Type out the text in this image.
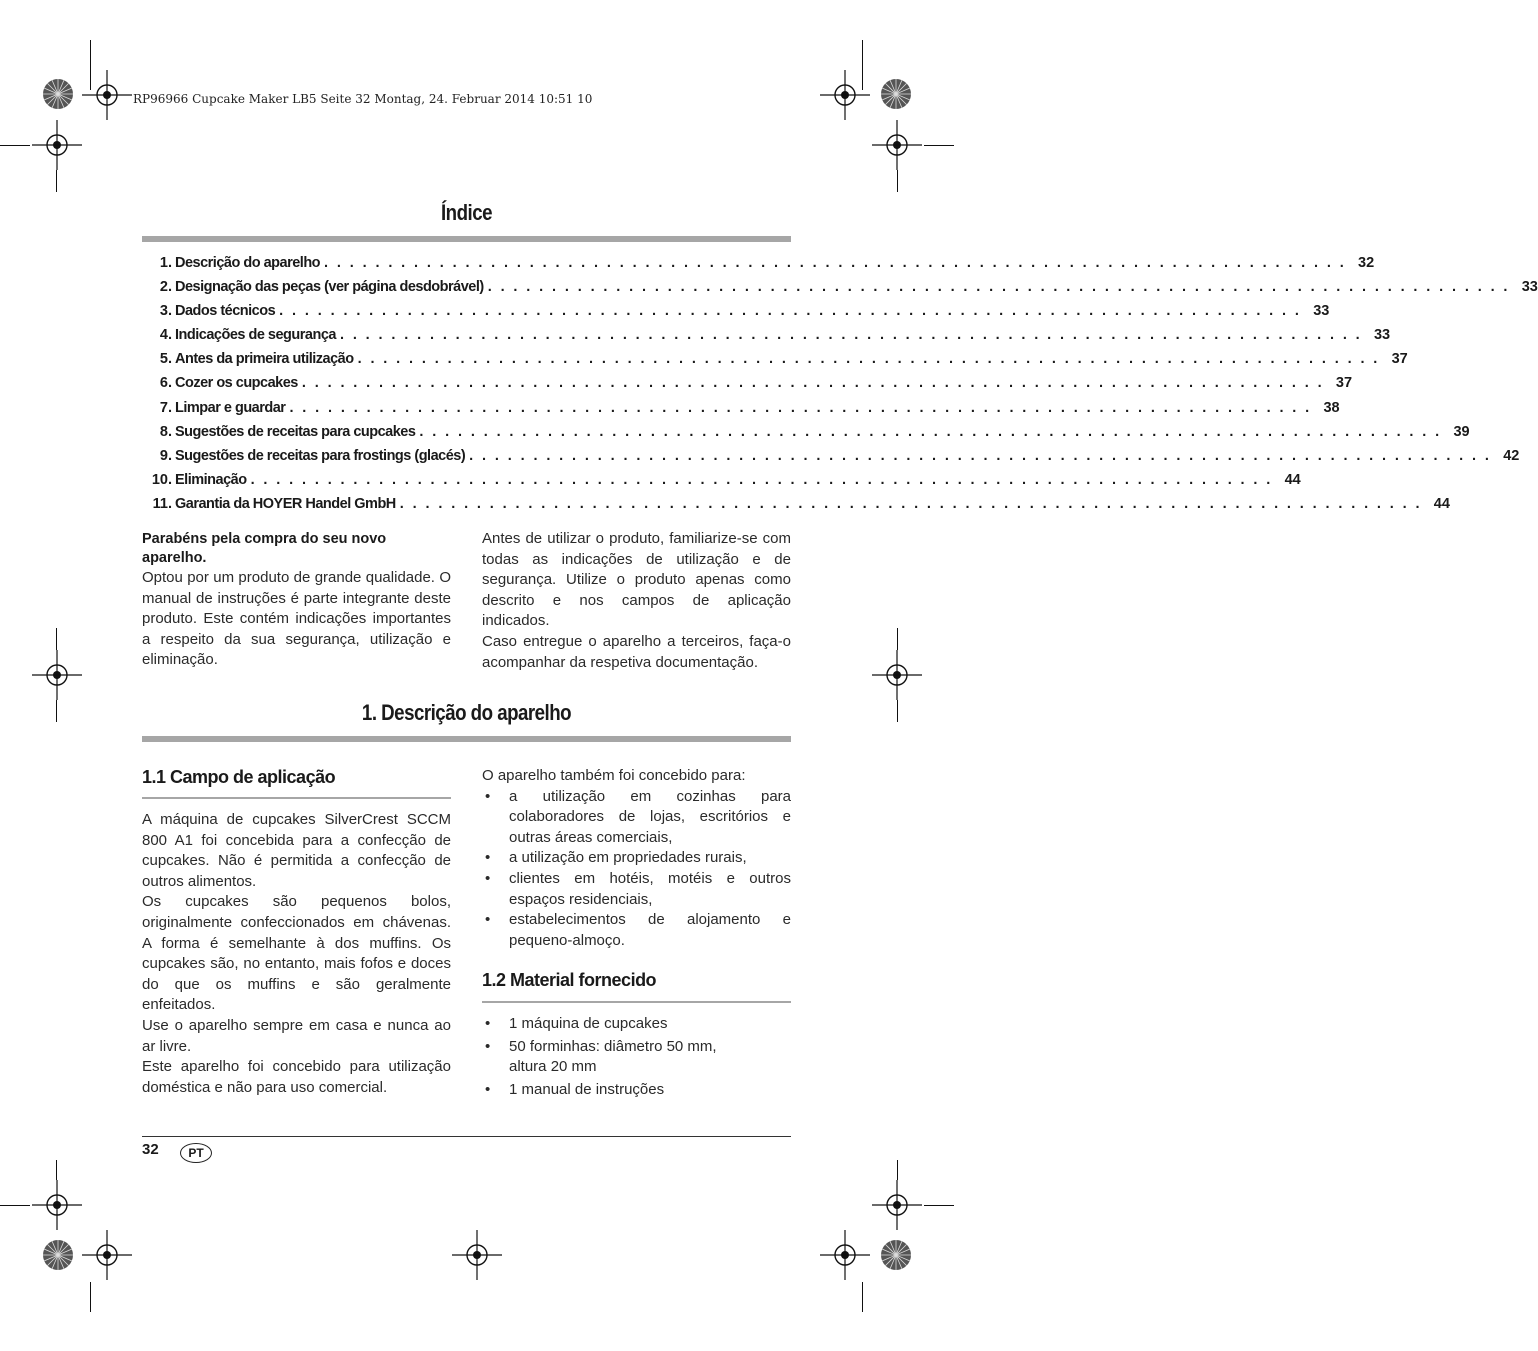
RP96966 Cupcake Maker LB5 Seite 32 Montag, 24. Februar 2014 10:51 10
Índice
1. Descrição do aparelho . . . . . . . . . . . . . . . . . . . . . . . . . . . . . . . . . . . . . . . . . . . . . . . . . . . . . . . . . . . . . . . . . . . . . . . . . . . . . . . . 32
2. Designação das peças (ver página desdobrável) . . . . . . . . . . . . . . . . . . . . . . . . . . . . . . . . . . . . . . . . . . . . . . . . . . . . . . . . . . . . . . . . . . . . . . . . . . . . . . . . 33
3. Dados técnicos . . . . . . . . . . . . . . . . . . . . . . . . . . . . . . . . . . . . . . . . . . . . . . . . . . . . . . . . . . . . . . . . . . . . . . . . . . . . . . . . 33
4. Indicações de segurança . . . . . . . . . . . . . . . . . . . . . . . . . . . . . . . . . . . . . . . . . . . . . . . . . . . . . . . . . . . . . . . . . . . . . . . . . . . . . . . . 33
5. Antes da primeira utilização . . . . . . . . . . . . . . . . . . . . . . . . . . . . . . . . . . . . . . . . . . . . . . . . . . . . . . . . . . . . . . . . . . . . . . . . . . . . . . . . 37
6. Cozer os cupcakes . . . . . . . . . . . . . . . . . . . . . . . . . . . . . . . . . . . . . . . . . . . . . . . . . . . . . . . . . . . . . . . . . . . . . . . . . . . . . . . . 37
7. Limpar e guardar . . . . . . . . . . . . . . . . . . . . . . . . . . . . . . . . . . . . . . . . . . . . . . . . . . . . . . . . . . . . . . . . . . . . . . . . . . . . . . . . 38
8. Sugestões de receitas para cupcakes . . . . . . . . . . . . . . . . . . . . . . . . . . . . . . . . . . . . . . . . . . . . . . . . . . . . . . . . . . . . . . . . . . . . . . . . . . . . . . . . 39
9. Sugestões de receitas para frostings (glacés) . . . . . . . . . . . . . . . . . . . . . . . . . . . . . . . . . . . . . . . . . . . . . . . . . . . . . . . . . . . . . . . . . . . . . . . . . . . . . . . . 42
10. Eliminação . . . . . . . . . . . . . . . . . . . . . . . . . . . . . . . . . . . . . . . . . . . . . . . . . . . . . . . . . . . . . . . . . . . . . . . . . . . . . . . . 44
11. Garantia da HOYER Handel GmbH . . . . . . . . . . . . . . . . . . . . . . . . . . . . . . . . . . . . . . . . . . . . . . . . . . . . . . . . . . . . . . . . . . . . . . . . . . . . . . . . 44

Parabéns pela compra do seu novo aparelho.

Optou por um produto de grande qualidade. O manual de instruções é parte integrante deste produto. Este contém indicações importantes a respeito da sua segurança, utilização e eliminação.

Antes de utilizar o produto, familiarize-se com todas as indicações de utilização e de segurança. Utilize o produto apenas como descrito e nos campos de aplicação indicados.

Caso entregue o aparelho a terceiros, faça-o acompanhar da respetiva documentação.

1. Descrição do aparelho
1.1 Campo de aplicação

A máquina de cupcakes SilverCrest SCCM 800 A1 foi concebida para a confecção de cupcakes. Não é permitida a confecção de outros alimentos.

Os cupcakes são pequenos bolos, originalmente confeccionados em chávenas. A forma é semelhante à dos muffins. Os cupcakes são, no entanto, mais fofos e doces do que os muffins e são geralmente enfeitados.

Use o aparelho sempre em casa e nunca ao ar livre.

Este aparelho foi concebido para utilização doméstica e não para uso comercial.

O aparelho também foi concebido para:

• a utilização em cozinhas para colaboradores de lojas, escritórios e outras áreas comerciais,
• a utilização em propriedades rurais,
• clientes em hotéis, motéis e outros espaços residenciais,
• estabelecimentos de alojamento e pequeno-almoço.
1.2 Material fornecido
• 1 máquina de cupcakes
• 50 forminhas: diâmetro 50 mm, altura 20 mm
• 1 manual de instruções
32	PT
